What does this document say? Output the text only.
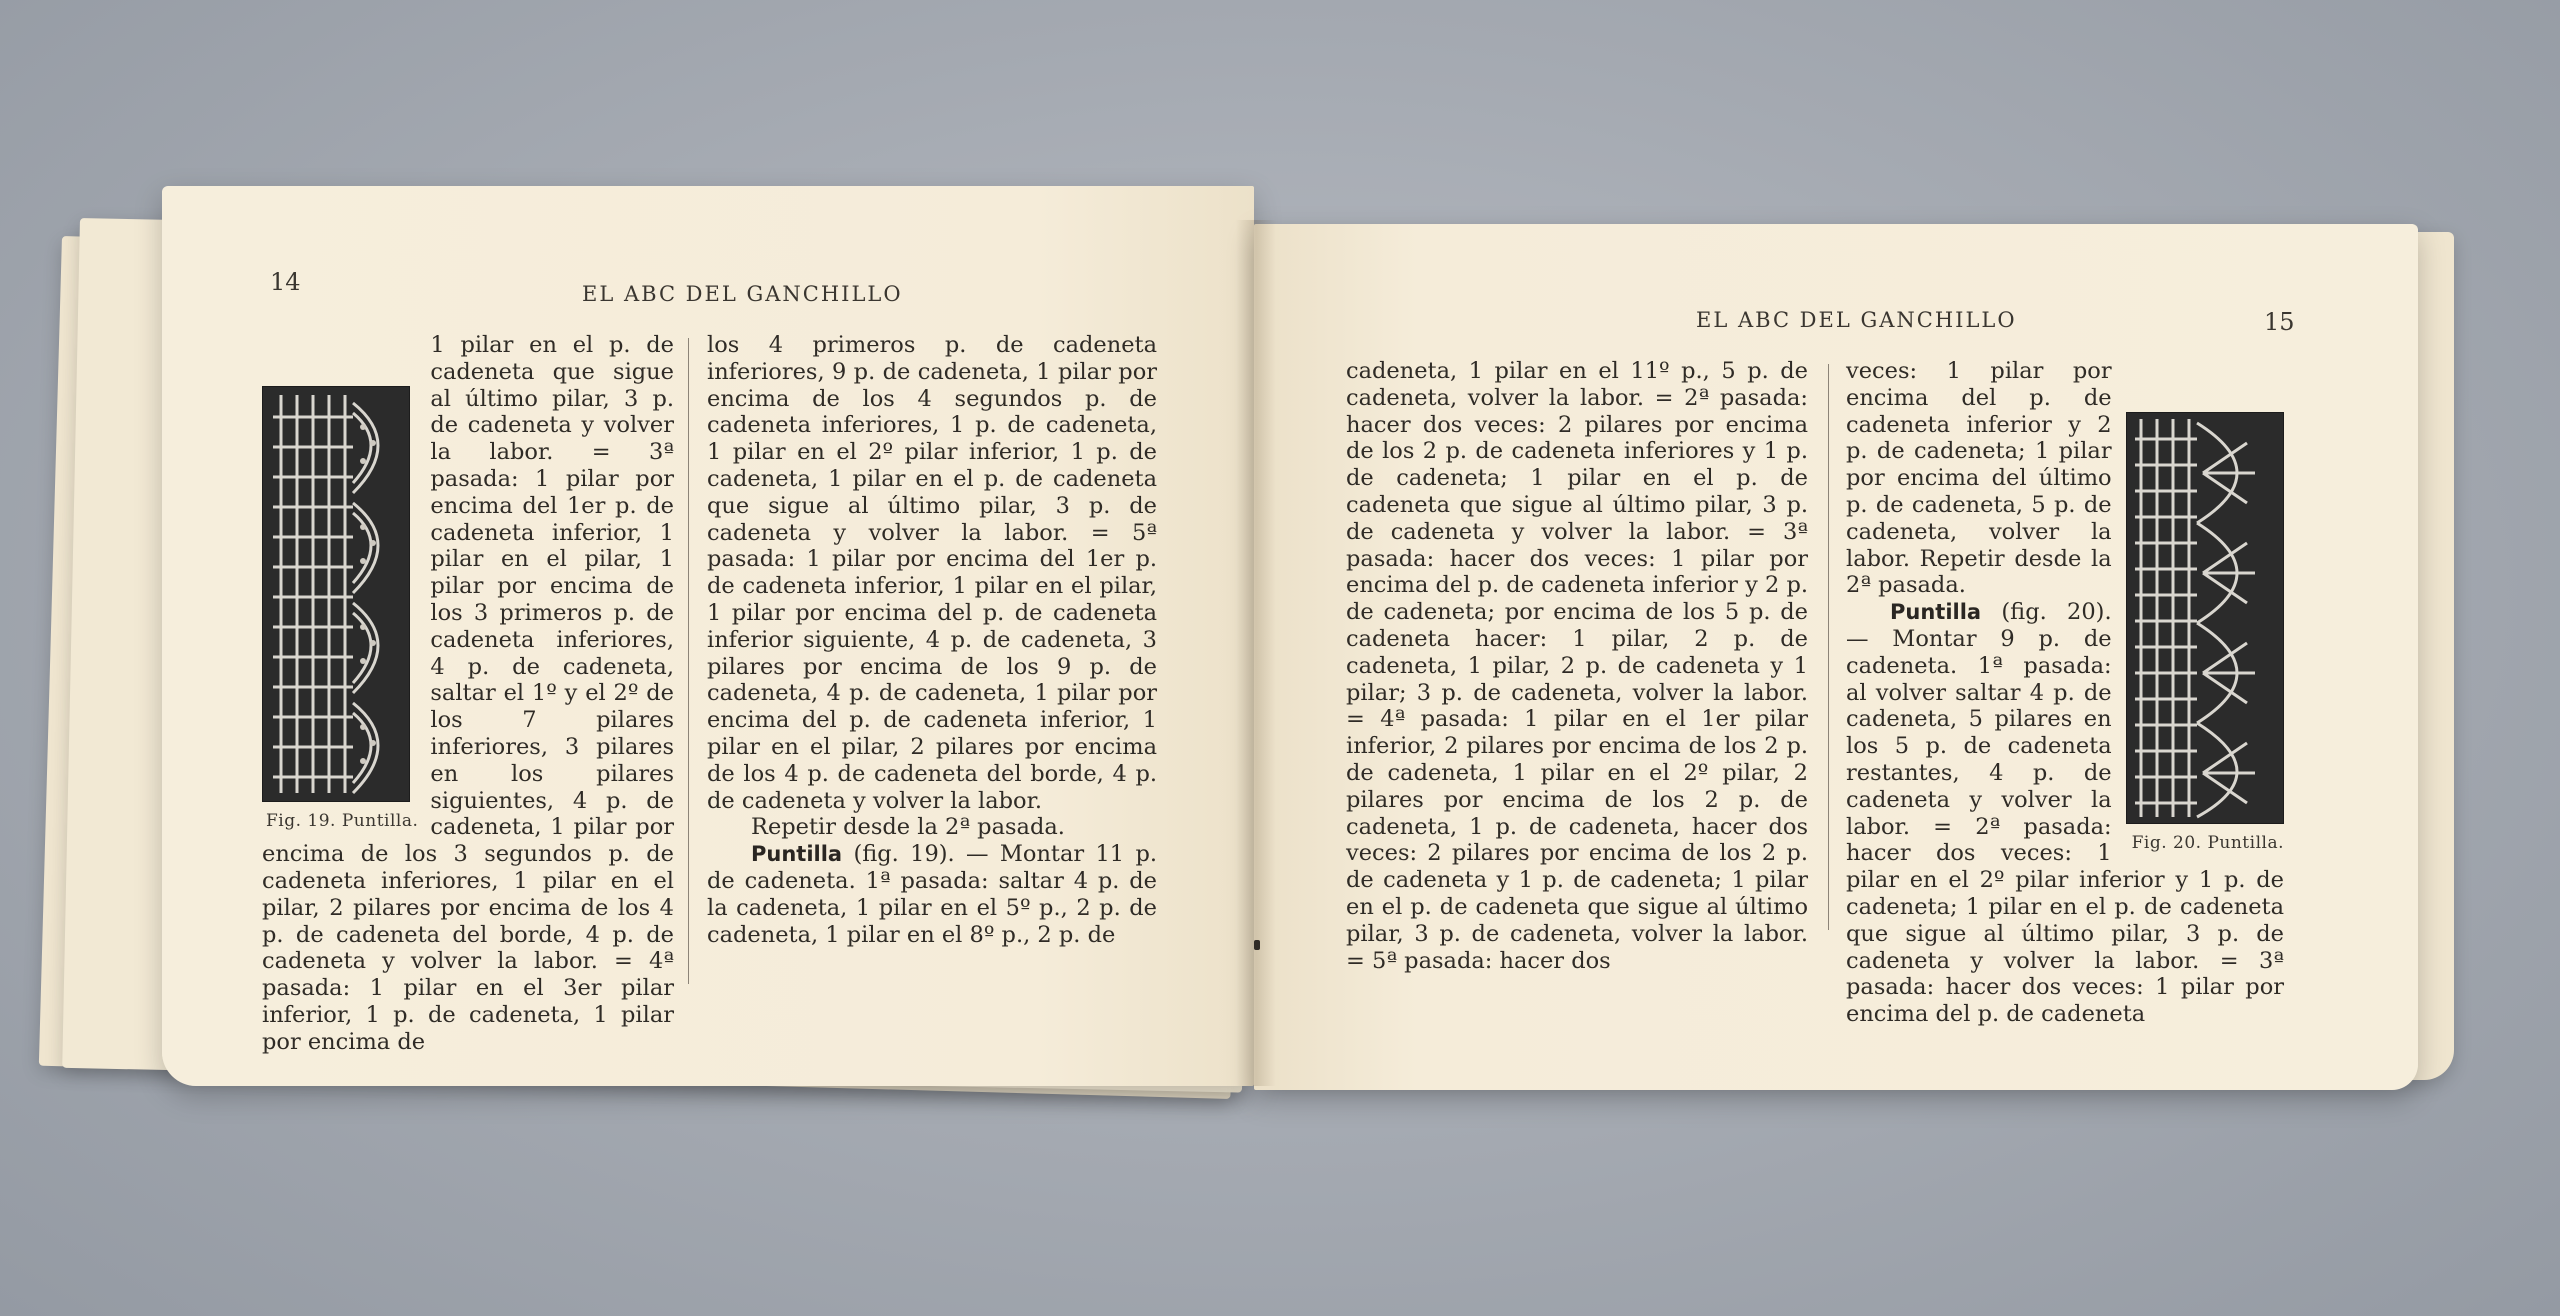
14	EL ABC DEL GANCHILLO
Fig. 19. Puntilla.

1 pilar en el p. de cadeneta que sigue al último pilar, 3 p. de cadeneta y volver la labor. = 3ª pasada: 1 pilar por encima del 1er p. de cadeneta inferior, 1 pilar en el pilar, 1 pilar por encima de los 3 primeros p. de cadeneta inferiores, 4 p. de cadeneta, saltar el 1º y el 2º de los 7 pilares inferiores, 3 pilares en los pilares siguientes, 4 p. de cadeneta, 1 pilar por encima de los 3 segundos p. de cadeneta inferiores, 1 pilar en el pilar, 2 pilares por encima de los 4 p. de cadeneta del borde, 4 p. de cadeneta y volver la labor. = 4ª pasada: 1 pilar en el 3er pilar inferior, 1 p. de cadeneta, 1 pilar por encima de

los 4 primeros p. de cadeneta inferiores, 9 p. de cadeneta, 1 pilar por encima de los 4 segundos p. de cadeneta inferiores, 1 p. de cadeneta, 1 pilar en el 2º pilar inferior, 1 p. de cadeneta, 1 pilar en el p. de cadeneta que sigue al último pilar, 3 p. de cadeneta y volver la labor. = 5ª pasada: 1 pilar por encima del 1er p. de cadeneta inferior, 1 pilar en el pilar, 1 pilar por encima del p. de cadeneta inferior siguiente, 4 p. de cadeneta, 3 pilares por encima de los 9 p. de cadeneta, 4 p. de cadeneta, 1 pilar por encima del p. de cadeneta inferior, 1 pilar en el pilar, 2 pilares por encima de los 4 p. de cadeneta del borde, 4 p. de cadeneta y volver la labor.

Repetir desde la 2ª pasada.

Puntilla (fig. 19). — Montar 11 p. de cadeneta. 1ª pasada: saltar 4 p. de la cadeneta, 1 pilar en el 5º p., 2 p. de cadeneta, 1 pilar en el 8º p., 2 p. de

EL ABC DEL GANCHILLO	15

cadeneta, 1 pilar en el 11º p., 5 p. de cadeneta, volver la labor. = 2ª pasada: hacer dos veces: 2 pilares por encima de los 2 p. de cadeneta inferiores y 1 p. de cadeneta; 1 pilar en el p. de cadeneta que sigue al último pilar, 3 p. de cadeneta y volver la labor. = 3ª pasada: hacer dos veces: 1 pilar por encima del p. de cadeneta inferior y 2 p. de cadeneta; por encima de los 5 p. de cadeneta hacer: 1 pilar, 2 p. de cadeneta, 1 pilar, 2 p. de cadeneta y 1 pilar; 3 p. de cadeneta, volver la labor. = 4ª pasada: 1 pilar en el 1er pilar inferior, 2 pilares por encima de los 2 p. de cadeneta, 1 pilar en el 2º pilar, 2 pilares por encima de los 2 p. de cadeneta, 1 p. de cadeneta, hacer dos veces: 2 pilares por encima de los 2 p. de cadeneta y 1 p. de cadeneta; 1 pilar en el p. de cadeneta que sigue al último pilar, 3 p. de cadeneta, volver la labor. = 5ª pasada: hacer dos

Fig. 20. Puntilla.

veces: 1 pilar por encima del p. de cadeneta inferior y 2 p. de cadeneta; 1 pilar por encima del último p. de cadeneta, 5 p. de cadeneta, volver la labor. Repetir desde la 2ª pasada.

Puntilla (fig. 20). — Montar 9 p. de cadeneta. 1ª pasada: al volver saltar 4 p. de cadeneta, 5 pilares en los 5 p. de cadeneta restantes, 4 p. de cadeneta y volver la labor. = 2ª pasada: hacer dos veces: 1 pilar en el 2º pilar inferior y 1 p. de cadeneta; 1 pilar en el p. de cadeneta que sigue al último pilar, 3 p. de cadeneta y volver la labor. = 3ª pasada: hacer dos veces: 1 pilar por encima del p. de cadeneta
